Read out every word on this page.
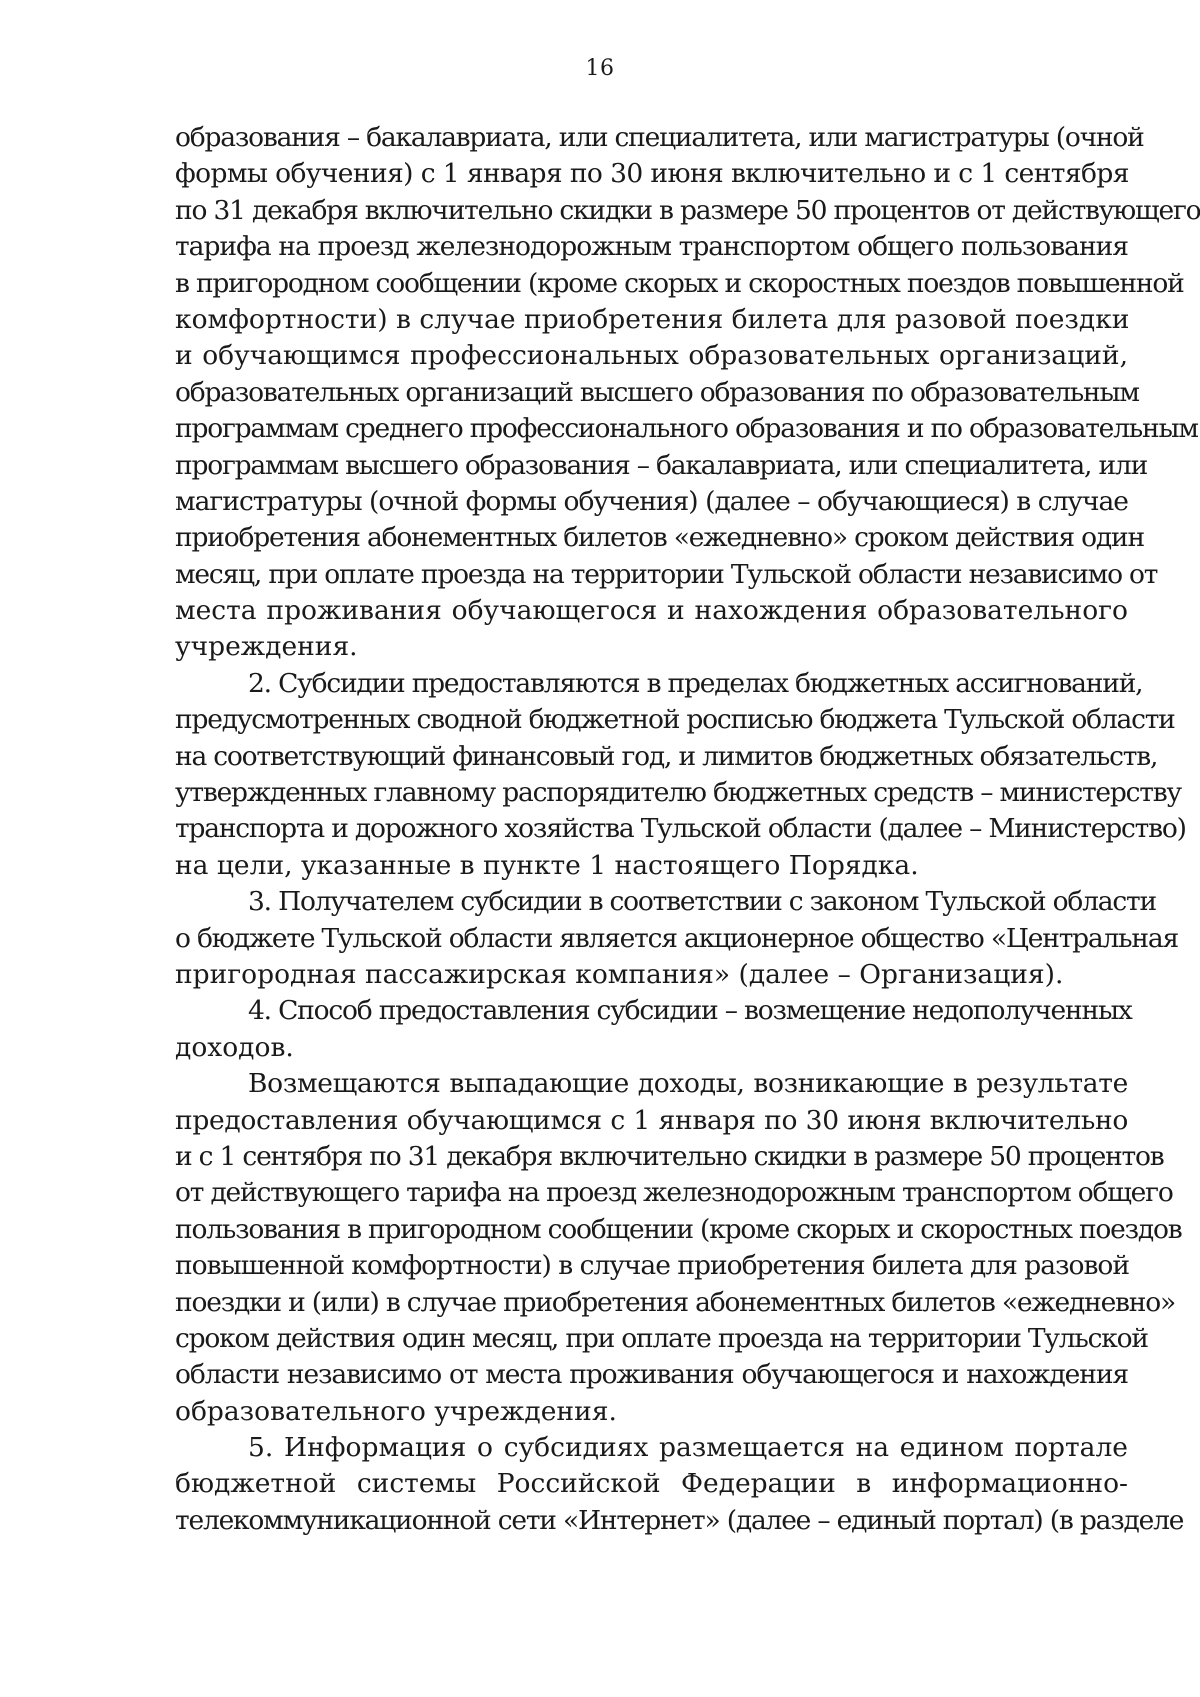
16
образования – бакалавриата, или специалитета, или магистратуры (очной
формы обучения) с 1 января по 30 июня включительно и с 1 сентября
по 31 декабря включительно скидки в размере 50 процентов от действующего
тарифа на проезд железнодорожным транспортом общего пользования
в пригородном сообщении (кроме скорых и скоростных поездов повышенной
комфортности) в случае приобретения билета для разовой поездки
и обучающимся профессиональных образовательных организаций,
образовательных организаций высшего образования по образовательным
программам среднего профессионального образования и по образовательным
программам высшего образования – бакалавриата, или специалитета, или
магистратуры (очной формы обучения) (далее – обучающиеся) в случае
приобретения абонементных билетов «ежедневно» сроком действия один
месяц, при оплате проезда на территории Тульской области независимо от
места проживания обучающегося и нахождения образовательного
учреждения.
2. Субсидии предоставляются в пределах бюджетных ассигнований,
предусмотренных сводной бюджетной росписью бюджета Тульской области
на соответствующий финансовый год, и лимитов бюджетных обязательств,
утвержденных главному распорядителю бюджетных средств – министерству
транспорта и дорожного хозяйства Тульской области (далее – Министерство)
на цели, указанные в пункте 1 настоящего Порядка.
3. Получателем субсидии в соответствии с законом Тульской области
о бюджете Тульской области является акционерное общество «Центральная
пригородная пассажирская компания» (далее – Организация).
4. Способ предоставления субсидии – возмещение недополученных
доходов.
Возмещаются выпадающие доходы, возникающие в результате
предоставления обучающимся с 1 января по 30 июня включительно
и с 1 сентября по 31 декабря включительно скидки в размере 50 процентов
от действующего тарифа на проезд железнодорожным транспортом общего
пользования в пригородном сообщении (кроме скорых и скоростных поездов
повышенной комфортности) в случае приобретения билета для разовой
поездки и (или) в случае приобретения абонементных билетов «ежедневно»
сроком действия один месяц, при оплате проезда на территории Тульской
области независимо от места проживания обучающегося и нахождения
образовательного учреждения.
5. Информация о субсидиях размещается на едином портале
бюджетной системы Российской Федерации в информационно-
телекоммуникационной сети «Интернет» (далее – единый портал) (в разделе
